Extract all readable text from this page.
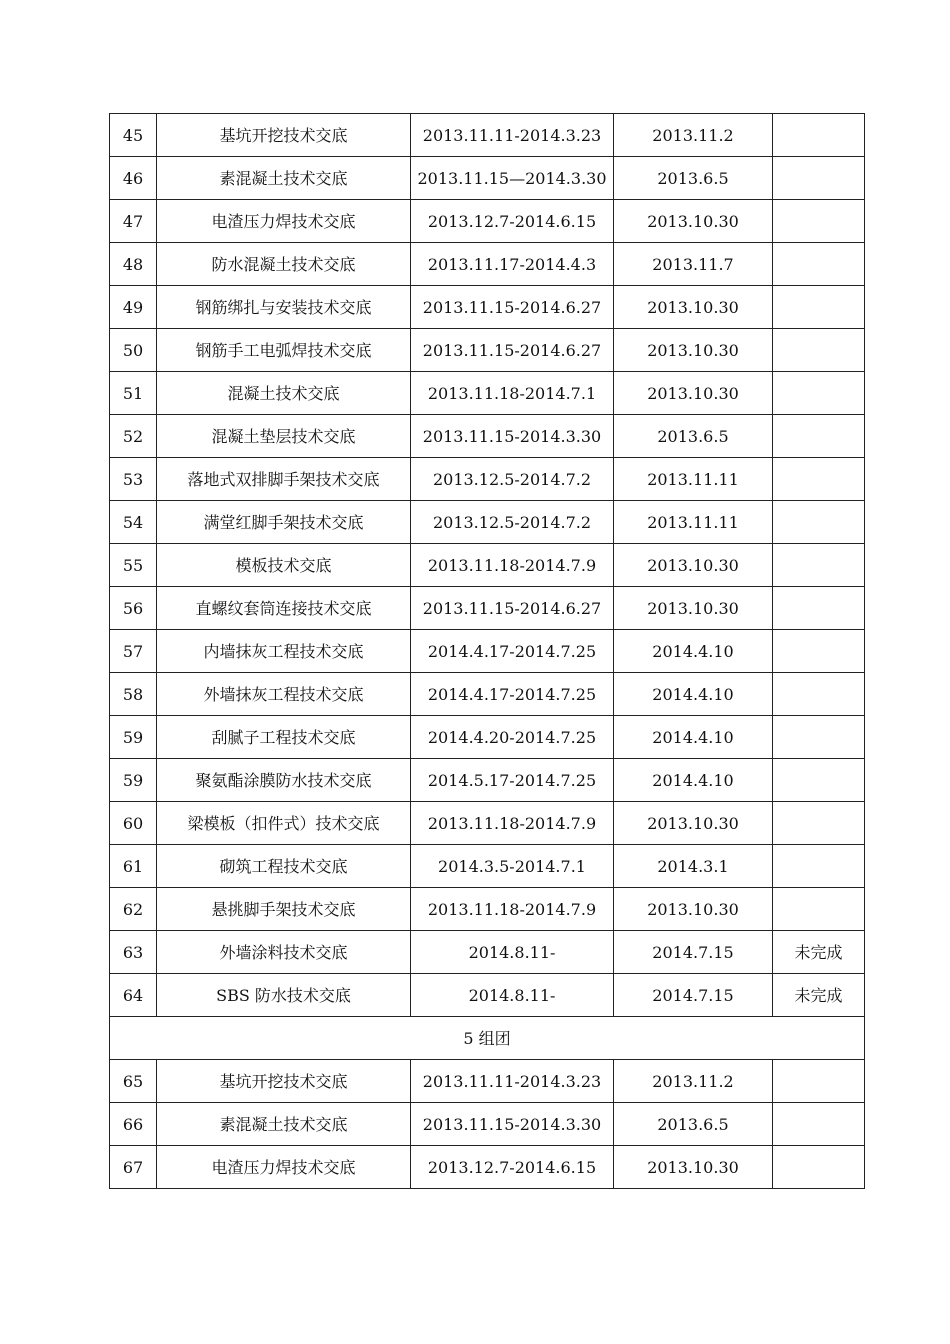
45	基坑开挖技术交底	2013.11.11-2014.3.23	2013.11.2	
46	素混凝土技术交底	2013.11.15—2014.3.30	2013.6.5	
47	电渣压力焊技术交底	2013.12.7-2014.6.15	2013.10.30	
48	防水混凝土技术交底	2013.11.17-2014.4.3	2013.11.7	
49	钢筋绑扎与安装技术交底	2013.11.15-2014.6.27	2013.10.30	
50	钢筋手工电弧焊技术交底	2013.11.15-2014.6.27	2013.10.30	
51	混凝土技术交底	2013.11.18-2014.7.1	2013.10.30	
52	混凝土垫层技术交底	2013.11.15-2014.3.30	2013.6.5	
53	落地式双排脚手架技术交底	2013.12.5-2014.7.2	2013.11.11	
54	满堂红脚手架技术交底	2013.12.5-2014.7.2	2013.11.11	
55	模板技术交底	2013.11.18-2014.7.9	2013.10.30	
56	直螺纹套筒连接技术交底	2013.11.15-2014.6.27	2013.10.30	
57	内墙抹灰工程技术交底	2014.4.17-2014.7.25	2014.4.10	
58	外墙抹灰工程技术交底	2014.4.17-2014.7.25	2014.4.10	
59	刮腻子工程技术交底	2014.4.20-2014.7.25	2014.4.10	
59	聚氨酯涂膜防水技术交底	2014.5.17-2014.7.25	2014.4.10	
60	梁模板（扣件式）技术交底	2013.11.18-2014.7.9	2013.10.30	
61	砌筑工程技术交底	2014.3.5-2014.7.1	2014.3.1	
62	悬挑脚手架技术交底	2013.11.18-2014.7.9	2013.10.30	
63	外墙涂料技术交底	2014.8.11-	2014.7.15	未完成
64	SBS 防水技术交底	2014.8.11-	2014.7.15	未完成
5 组团				
65	基坑开挖技术交底	2013.11.11-2014.3.23	2013.11.2	
66	素混凝土技术交底	2013.11.15-2014.3.30	2013.6.5	
67	电渣压力焊技术交底	2013.12.7-2014.6.15	2013.10.30	
